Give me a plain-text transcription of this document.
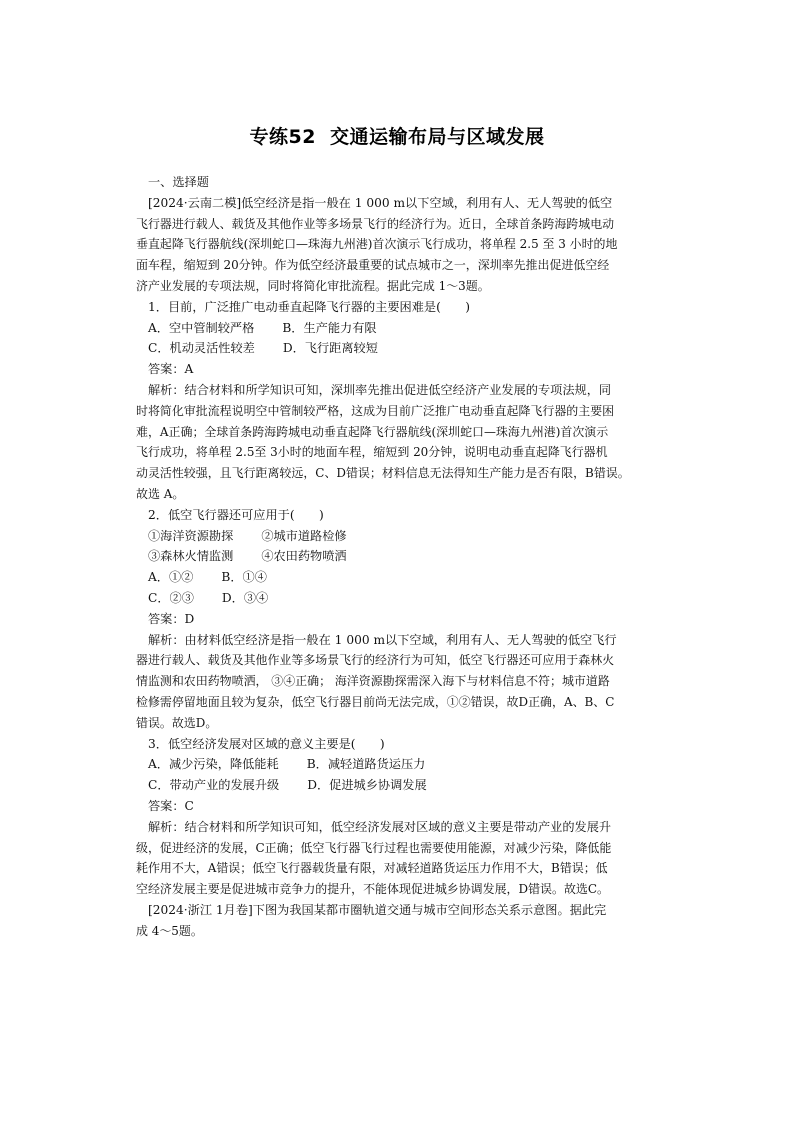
专练52 交通运输布局与区域发展
一、选择题
[2024·云南二模]低空经济是指一般在 1 000 m以下空域，利用有人、无人驾驶的低空
飞行器进行载人、载货及其他作业等多场景飞行的经济行为。近日，全球首条跨海跨城电动
垂直起降飞行器航线(深圳蛇口—珠海九州港)首次演示飞行成功，将单程 2.5 至 3 小时的地
面车程，缩短到 20分钟。作为低空经济最重要的试点城市之一，深圳率先推出促进低空经
济产业发展的专项法规，同时将简化审批流程。据此完成 1～3题。
1．目前，广泛推广电动垂直起降飞行器的主要困难是(　　)
A．空中管制较严格 B．生产能力有限
C．机动灵活性较差 D．飞行距离较短
答案：A
解析：结合材料和所学知识可知，深圳率先推出促进低空经济产业发展的专项法规，同
时将简化审批流程说明空中管制较严格，这成为目前广泛推广电动垂直起降飞行器的主要困
难，A正确；全球首条跨海跨城电动垂直起降飞行器航线(深圳蛇口—珠海九州港)首次演示
飞行成功，将单程 2.5至 3小时的地面车程，缩短到 20分钟，说明电动垂直起降飞行器机
动灵活性较强，且飞行距离较远，C、D错误；材料信息无法得知生产能力是否有限，B错误。
故选 A。
2．低空飞行器还可应用于(　　)
①海洋资源勘探 ②城市道路检修
③森林火情监测 ④农田药物喷洒
A．①② B．①④
C．②③ D．③④
答案：D
解析：由材料低空经济是指一般在 1 000 m以下空域，利用有人、无人驾驶的低空飞行
器进行载人、载货及其他作业等多场景飞行的经济行为可知，低空飞行器还可应用于森林火
情监测和农田药物喷洒， ③④正确； 海洋资源勘探需深入海下与材料信息不符；城市道路
检修需停留地面且较为复杂，低空飞行器目前尚无法完成，①②错误，故D正确，A、B、C
错误。故选D。
3．低空经济发展对区域的意义主要是(　　)
A．减少污染，降低能耗 B．减轻道路货运压力
C．带动产业的发展升级 D．促进城乡协调发展
答案：C
解析：结合材料和所学知识可知，低空经济发展对区域的意义主要是带动产业的发展升
级，促进经济的发展，C正确；低空飞行器飞行过程也需要使用能源，对减少污染，降低能
耗作用不大，A错误；低空飞行器载货量有限，对减轻道路货运压力作用不大，B错误；低
空经济发展主要是促进城市竞争力的提升，不能体现促进城乡协调发展，D错误。故选C。
[2024·浙江 1月卷]下图为我国某都市圈轨道交通与城市空间形态关系示意图。据此完
成 4～5题。
